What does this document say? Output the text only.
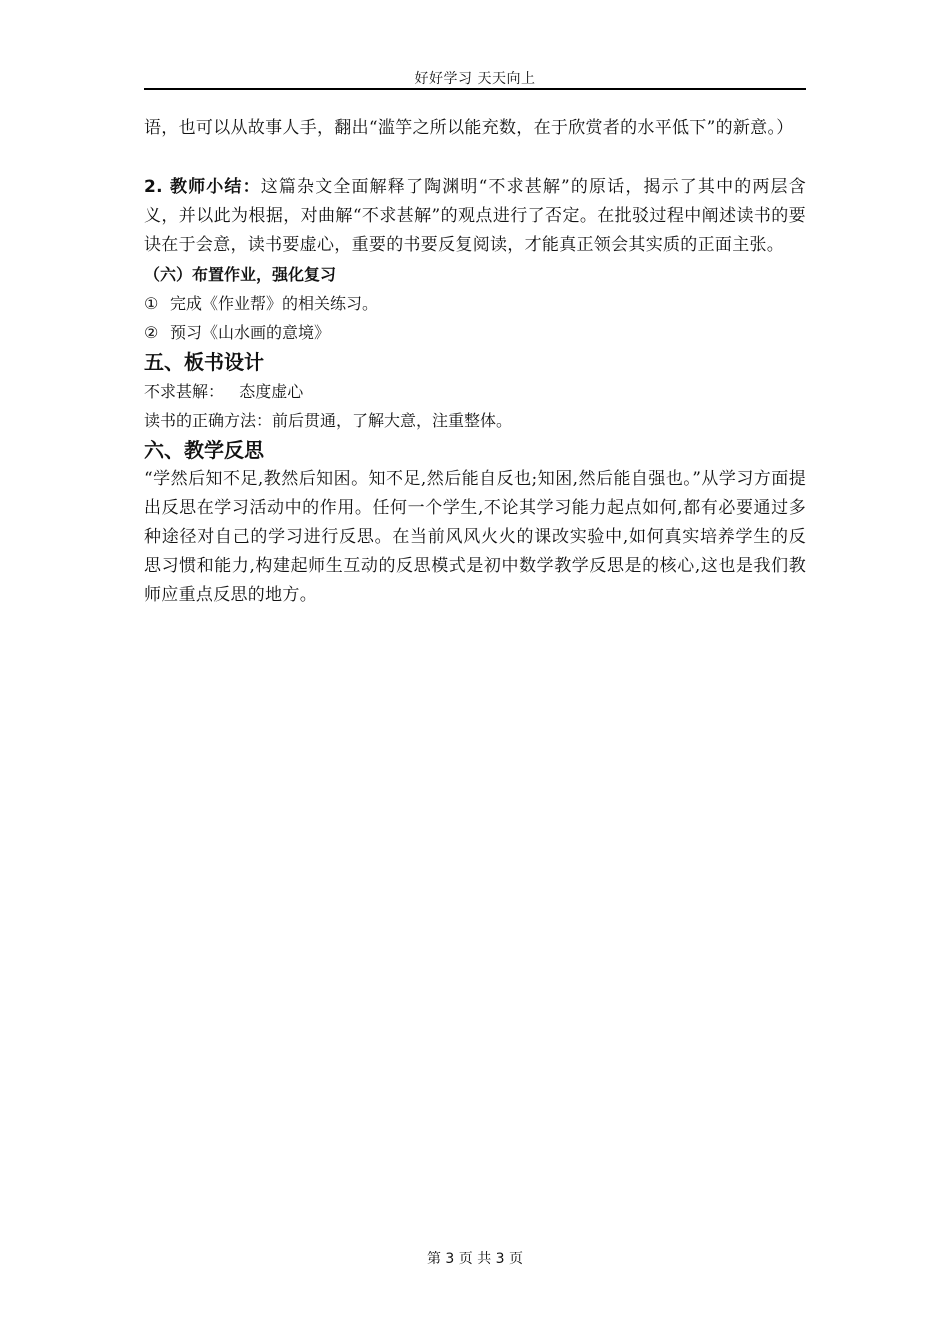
好好学习 天天向上

语，也可以从故事人手，翻出“滥竽之所以能充数，在于欣赏者的水平低下”的新意。）

2. 教师小结：这篇杂文全面解释了陶渊明“不求甚解”的原话，揭示了其中的两层含义，并以此为根据，对曲解“不求甚解”的观点进行了否定。在批驳过程中阐述读书的要诀在于会意，读书要虚心，重要的书要反复阅读，才能真正领会其实质的正面主张。

（六）布置作业，强化复习

① 完成《作业帮》的相关练习。

② 预习《山水画的意境》

五、板书设计

不求甚解：   态度虚心

读书的正确方法：前后贯通，了解大意，注重整体。

六、教学反思

“学然后知不足,教然后知困。知不足,然后能自反也;知困,然后能自强也。”从学习方面提出反思在学习活动中的作用。任何一个学生,不论其学习能力起点如何,都有必要通过多种途径对自己的学习进行反思。在当前风风火火的课改实验中,如何真实培养学生的反思习惯和能力,构建起师生互动的反思模式是初中数学教学反思是的核心,这也是我们教师应重点反思的地方。

第 3 页 共 3 页
